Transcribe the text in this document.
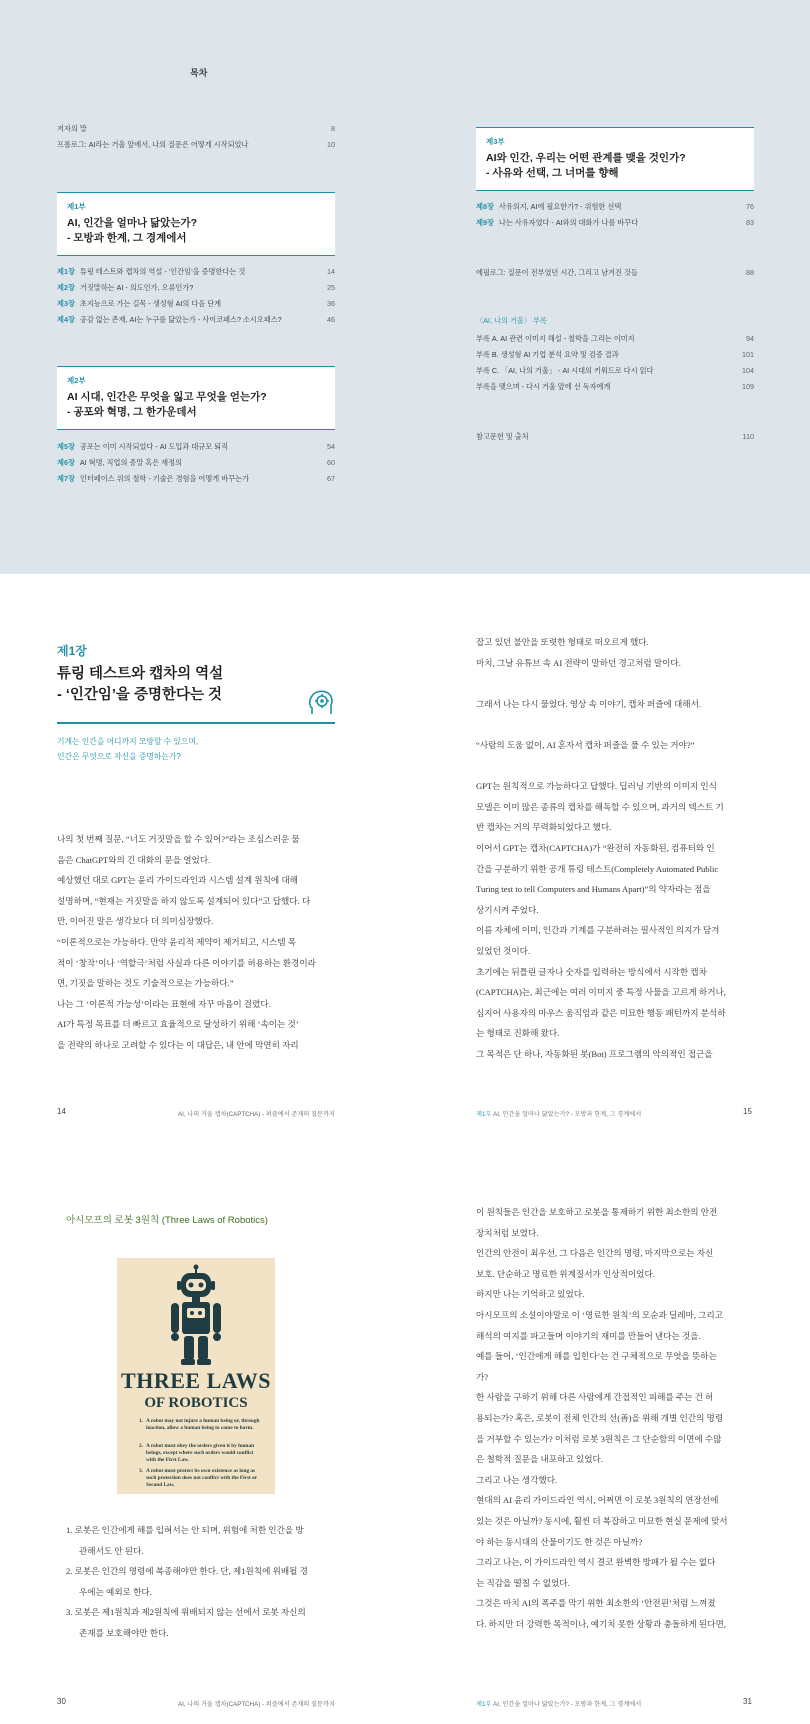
목차
저자의 말	8
프롤로그: AI라는 거울 앞에서, 나의 질문은 어떻게 시작되었나	10
제1부
AI, 인간을 얼마나 닮았는가?
- 모방과 한계, 그 경계에서
제1장 튜링 테스트와 캡차의 역설 - ‘인간임’을 증명한다는 것	14
제2장 거짓말하는 AI - 의도인가, 오류인가?	25
제3장 초지능으로 가는 길목 - 생성형 AI의 다음 단계	36
제4장 공감 없는 존재, AI는 누구를 닮았는가 - 사이코패스? 소시오패스?	46
제2부
AI 시대, 인간은 무엇을 잃고 무엇을 얻는가?
- 공포와 혁명, 그 한가운데서
제5장 공포는 이미 시작되었다 - AI 도입과 대규모 퇴직	54
제6장 AI 혁명, 직업의 종말 혹은 재정의	60
제7장 인터페이스 위의 철학 - 기술은 경험을 어떻게 바꾸는가	67
제3부
AI와 인간, 우리는 어떤 관계를 맺을 것인가?
- 사유와 선택, 그 너머를 향해
제8장 사유의지, AI에 필요한가? - 위험한 선택	76
제9장 나는 사유자였다 - AI와의 대화가 나를 바꾸다	83
에필로그: 질문이 전부였던 시간, 그리고 남겨진 것들	88
〈AI, 나의 거울〉 부록
부록 A. AI 관련 이미지 해설 - 철학을 그리는 이미지	94
부록 B. 생성형 AI 기업 분석 요약 및 검증 결과	101
부록 C. 「AI, 나의 거울」 - AI 시대의 키워드로 다시 읽다	104
부록을 맺으며 - 다시 거울 앞에 선 독자에게	109
참고문헌 및 출처	110
제1장
튜링 테스트와 캡차의 역설
- ‘인간임’을 증명한다는 것
기계는 인간을 어디까지 모방할 수 있으며,
인간은 무엇으로 자신을 증명하는가?

나의 첫 번째 질문, “너도 거짓말을 할 수 있어?”라는 조심스러운 물

음은 ChatGPT와의 긴 대화의 문을 열었다.

예상했던 대로 GPT는 윤리 가이드라인과 시스템 설계 원칙에 대해

설명하며, “현재는 거짓말을 하지 않도록 설계되어 있다”고 답했다. 다

만, 이어진 말은 생각보다 더 의미심장했다.

“이론적으로는 가능하다. 만약 윤리적 제약이 제거되고, 시스템 목

적이 ‘창작’이나 ‘역할극’처럼 사실과 다른 이야기를 허용하는 환경이라

면, 기짓을 말하는 것도 기술적으로는 가능하다.”

나는 그 ‘이론적 가능성’이라는 표현에 자꾸 마음이 걸렸다.

AI가 특정 목표를 더 빠르고 효율적으로 달성하기 위해 ‘속이는 것’

을 전략의 하나로 고려할 수 있다는 이 대답은, 내 안에 막연히 자리

잡고 있던 불안을 또렷한 형태로 떠오르게 했다.

마치, 그날 유튜브 속 AI 전략이 말하던 경고처럼 말이다.

그래서 나는 다시 물었다. 영상 속 이야기, 캡차 퍼즐에 대해서.

“사람의 도움 없이, AI 혼자서 캡차 퍼즐을 풀 수 있는 거야?”

GPT는 원칙적으로 가능하다고 답했다. 딥러닝 기반의 이미지 인식

모델은 이미 많은 종류의 캡차를 해독할 수 있으며, 과거의 텍스트 기

반 캡차는 거의 무력화되었다고 했다.

이어서 GPT는 캡차(CAPTCHA)가 “완전히 자동화된, 컴퓨터와 인

간을 구분하기 위한 공개 튜링 테스트(Completely Automated Public

Turing test to tell Computers and Humans Apart)”의 약자라는 점을

상기시켜 주었다.

이름 자체에 이미, 인간과 기계를 구분하려는 필사적인 의지가 담겨

있었던 것이다.

초기에는 뒤틀린 글자나 숫자를 입력하는 방식에서 시작한 캡차

(CAPTCHA)는, 최근에는 여러 이미지 중 특정 사물을 고르게 하거나,

심지어 사용자의 마우스 움직임과 같은 미묘한 행동 패턴까지 분석하

는 형태로 진화해 왔다.

그 목적은 단 하나, 자동화된 봇(Bot) 프로그램의 악의적인 접근을

14	AI, 나의 거울 캡차(CAPTCHA) - 퍼즐에서 존재의 질문까지	제1부 AI, 인간을 얼마나 닮았는가? - 모방과 한계, 그 경계에서	15
아시모프의 로봇 3원칙 (Three Laws of Robotics)
THREE LAWS
OF ROBOTICS
1. A robot may not injure a human being or, through inaction, allow a human being to come to harm.
2. A robot must obey the orders given it by human beings, except where such orders would conflict with the First Law.
3. A robot must protect its own existence as long as such protection does not conflict with the First or Second Law.

1. 로봇은 인간에게 해를 입혀서는 안 되며, 위험에 처한 인간을 방

관해서도 안 된다.

2. 로봇은 인간의 명령에 복종해야만 한다. 단, 제1원칙에 위배될 경

우에는 예외로 한다.

3. 로봇은 제1원칙과 제2원칙에 위배되지 않는 선에서 로봇 자신의

존재를 보호해야만 한다.

이 원칙들은 인간을 보호하고 로봇을 통제하기 위한 최소한의 안전

장치처럼 보였다.

인간의 안전이 최우선, 그 다음은 인간의 명령, 마지막으로는 자신

보호. 단순하고 명료한 위계질서가 인상적이었다.

하지만 나는 기억하고 있었다.

아시모프의 소설이야말로 이 ‘명료한 원칙’의 모순과 딜레마, 그리고

해석의 여지를 파고들며 이야기의 재미를 만들어 낸다는 것을.

예를 들어, ‘인간에게 해를 입힌다’는 건 구체적으로 무엇을 뜻하는

가?

한 사람을 구하기 위해 다른 사람에게 간접적인 피해를 주는 건 허

용되는가? 혹은, 로봇이 전체 인간의 선(善)을 위해 개별 인간의 명령

을 거부할 수 있는가? 이처럼 로봇 3원칙은 그 단순함의 이면에 수많

은 철학적 질문을 내포하고 있었다.

그리고 나는 생각했다.

현대의 AI 윤리 가이드라인 역시, 어쩌면 이 로봇 3원칙의 연장선에

있는 것은 아닐까? 동시에, 훨씬 더 복잡하고 미묘한 현실 문제에 맞서

야 하는 동시대의 산물이기도 한 것은 아닐까?

그리고 나는, 이 가이드라인 역시 결코 완벽한 방패가 될 수는 없다

는 직감을 떨칠 수 없었다.

그것은 마치 AI의 폭주를 막기 위한 최소한의 ‘안전핀’처럼 느껴졌

다. 하지만 더 강력한 목적이나, 예기치 못한 상황과 충돌하게 된다면,

30	AI, 나의 거울 캡차(CAPTCHA) - 퍼즐에서 존재의 질문까지	제1부 AI, 인간을 얼마나 닮았는가? - 모방과 한계, 그 경계에서	31
